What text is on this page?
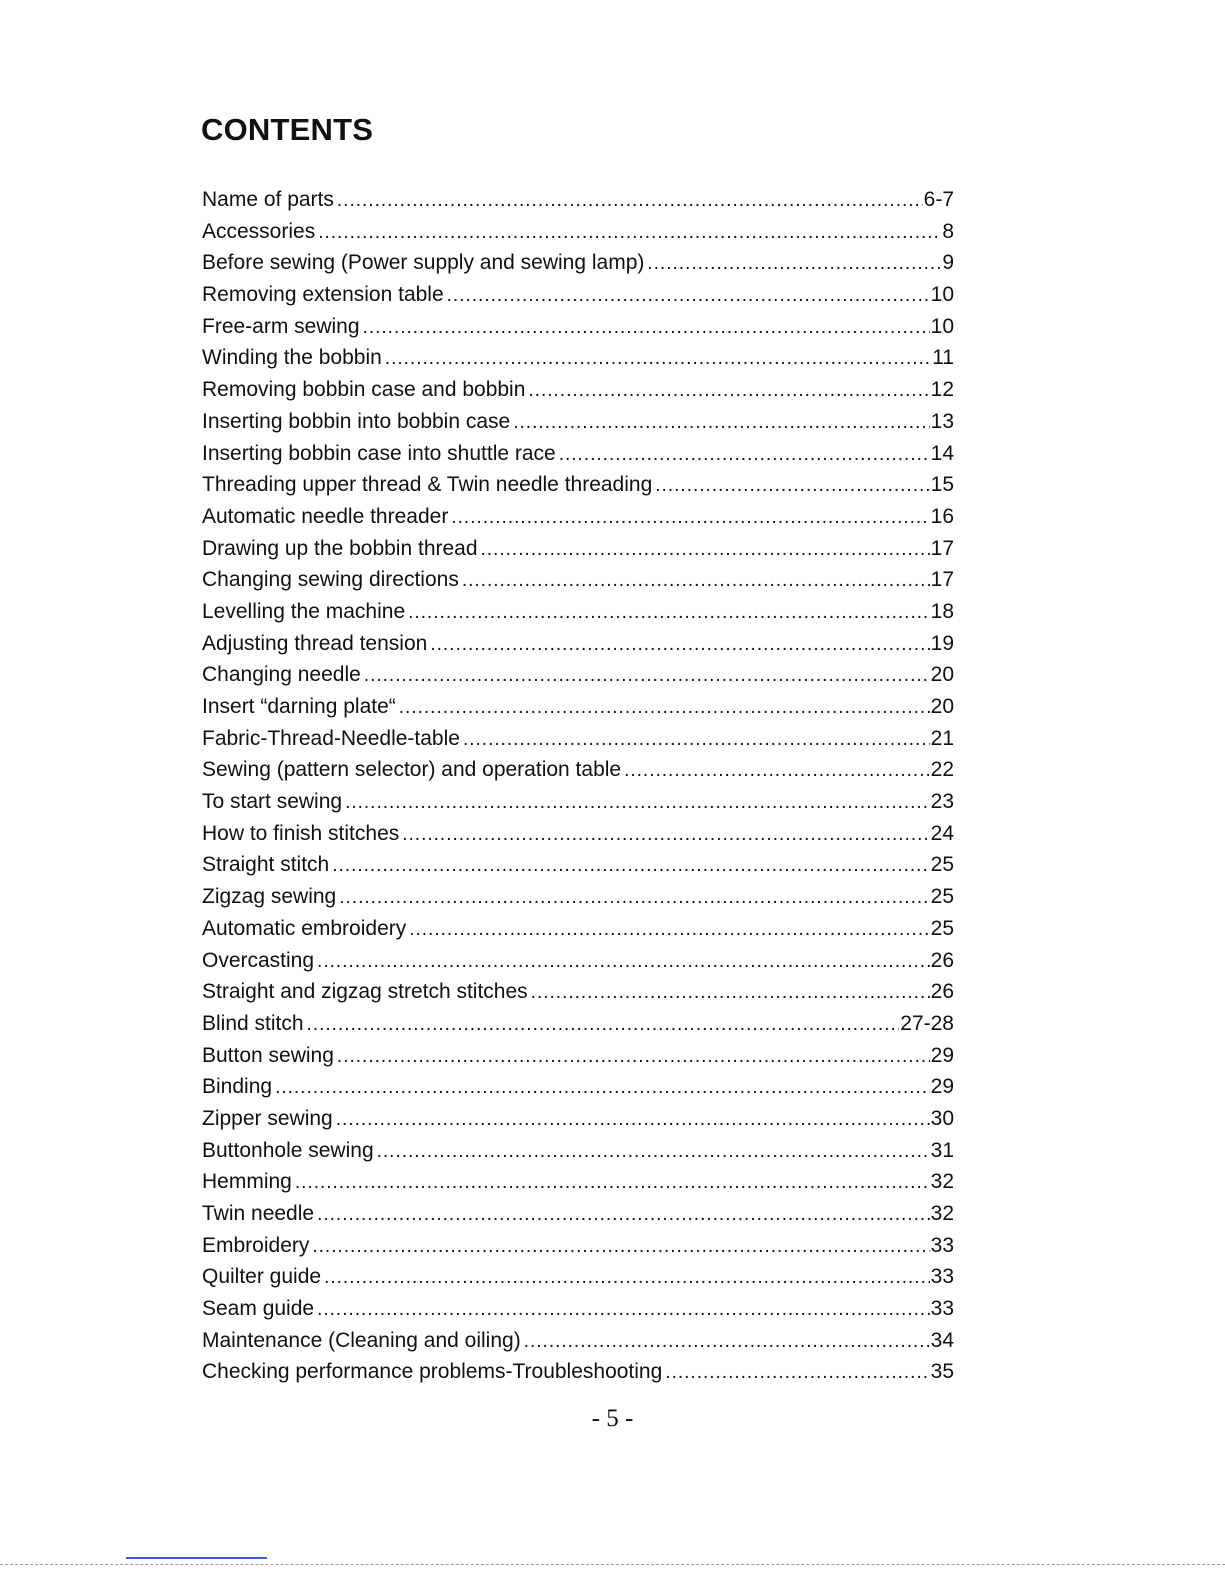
CONTENTS
Name of parts .....	6-7
Accessories .....	8
Before sewing (Power supply and sewing lamp) .....	9
Removing extension table .....	10
Free-arm sewing .....	10
Winding the bobbin .....	11
Removing bobbin case and bobbin .....	12
Inserting bobbin into bobbin case .....	13
Inserting bobbin case into shuttle race .....	14
Threading upper thread & Twin needle threading .....	15
Automatic needle threader .....	16
Drawing up the bobbin thread .....	17
Changing sewing directions .....	17
Levelling the machine .....	18
Adjusting thread tension .....	19
Changing needle .....	20
Insert “darning plate“ .....	20
Fabric-Thread-Needle-table .....	21
Sewing (pattern selector) and operation table .....	22
To start sewing .....	23
How to finish stitches .....	24
Straight stitch .....	25
Zigzag sewing .....	25
Automatic embroidery .....	25
Overcasting .....	26
Straight and zigzag stretch stitches .....	26
Blind stitch .....	27-28
Button sewing .....	29
Binding .....	29
Zipper sewing .....	30
Buttonhole sewing .....	31
Hemming .....	32
Twin needle .....	32
Embroidery .....	33
Quilter guide .....	33
Seam guide .....	33
Maintenance (Cleaning and oiling) .....	34
Checking performance problems-Troubleshooting .....	35

- 5 -
